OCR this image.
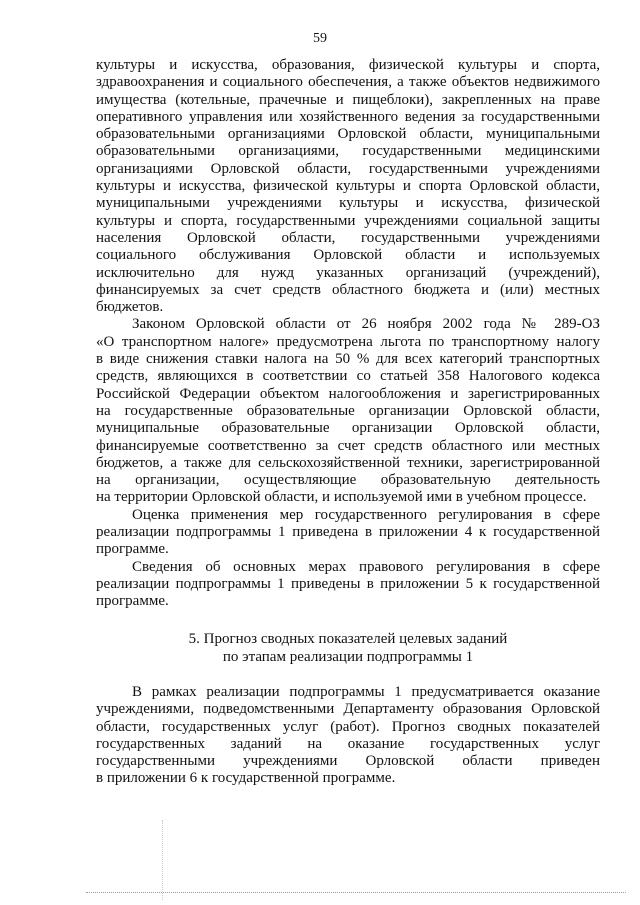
59
культуры и искусства, образования, физической культуры и спорта,
здравоохранения и социального обеспечения, а также объектов недвижимого
имущества (котельные, прачечные и пищеблоки), закрепленных на праве
оперативного управления или хозяйственного ведения за государственными
образовательными организациями Орловской области, муниципальными
образовательными организациями, государственными медицинскими
организациями Орловской области, государственными учреждениями
культуры и искусства, физической культуры и спорта Орловской области,
муниципальными учреждениями культуры и искусства, физической
культуры и спорта, государственными учреждениями социальной защиты
населения Орловской области, государственными учреждениями
социального обслуживания Орловской области и используемых
исключительно для нужд указанных организаций (учреждений),
финансируемых за счет средств областного бюджета и (или) местных
бюджетов.
Законом Орловской области от 26 ноября 2002 года № 289-ОЗ
«О транспортном налоге» предусмотрена льгота по транспортному налогу
в виде снижения ставки налога на 50 % для всех категорий транспортных
средств, являющихся в соответствии со статьей 358 Налогового кодекса
Российской Федерации объектом налогообложения и зарегистрированных
на государственные образовательные организации Орловской области,
муниципальные образовательные организации Орловской области,
финансируемые соответственно за счет средств областного или местных
бюджетов, а также для сельскохозяйственной техники, зарегистрированной
на организации, осуществляющие образовательную деятельность
на территории Орловской области, и используемой ими в учебном процессе.
Оценка применения мер государственного регулирования в сфере
реализации подпрограммы 1 приведена в приложении 4 к государственной
программе.
Сведения об основных мерах правового регулирования в сфере
реализации подпрограммы 1 приведены в приложении 5 к государственной
программе.
5. Прогноз сводных показателей целевых заданий
по этапам реализации подпрограммы 1
В рамках реализации подпрограммы 1 предусматривается оказание
учреждениями, подведомственными Департаменту образования Орловской
области, государственных услуг (работ). Прогноз сводных показателей
государственных заданий на оказание государственных услуг
государственными учреждениями Орловской области приведен
в приложении 6 к государственной программе.
